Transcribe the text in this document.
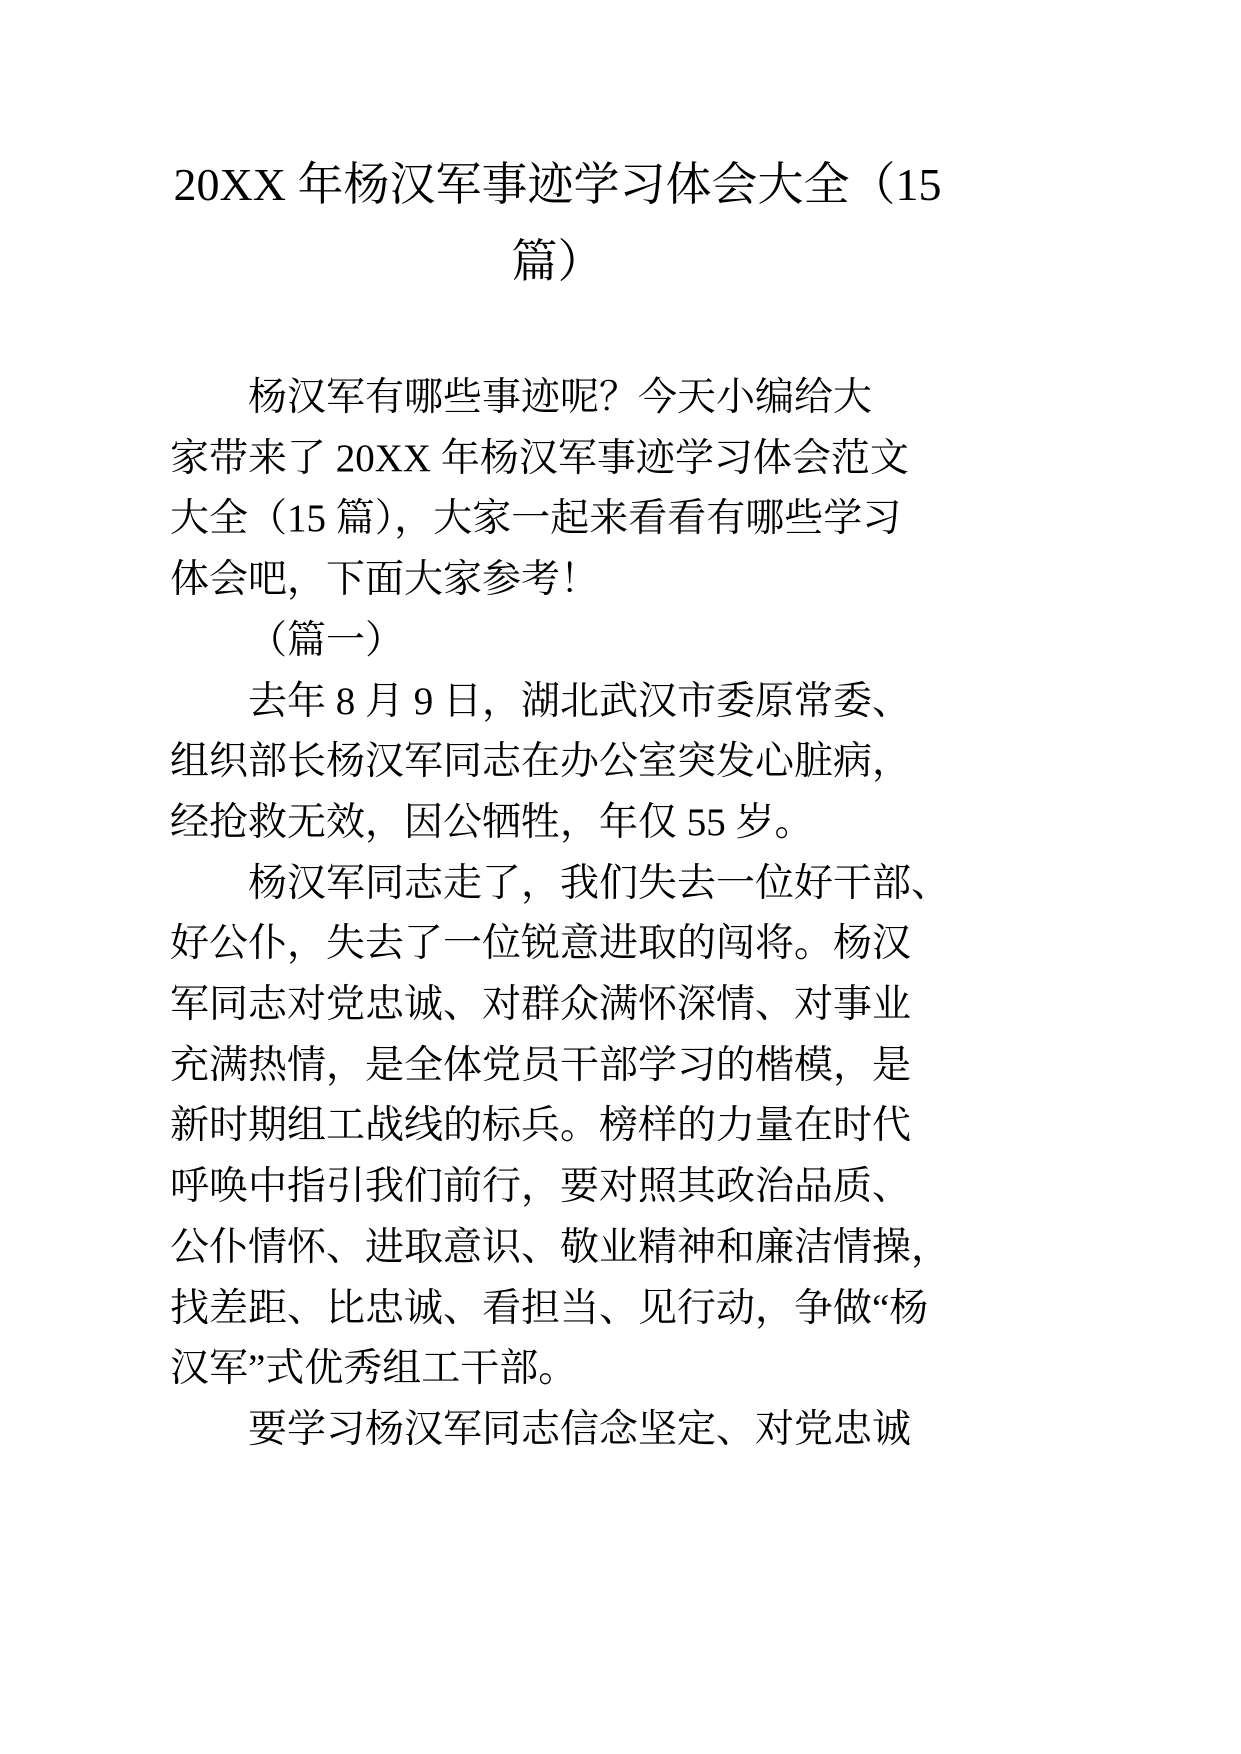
20XX 年杨汉军事迹学习体会大全（15
篇）

杨汉军有哪些事迹呢？今天小编给大
家带来了 20XX 年杨汉军事迹学习体会范文
大全（15 篇），大家一起来看看有哪些学习
体会吧，下面大家参考！

（篇一）

去年 8 月 9 日，湖北武汉市委原常委、
组织部长杨汉军同志在办公室突发心脏病，
经抢救无效，因公牺牲，年仅 55 岁。

杨汉军同志走了，我们失去一位好干部、
好公仆，失去了一位锐意进取的闯将。杨汉
军同志对党忠诚、对群众满怀深情、对事业
充满热情，是全体党员干部学习的楷模，是
新时期组工战线的标兵。榜样的力量在时代
呼唤中指引我们前行，要对照其政治品质、
公仆情怀、进取意识、敬业精神和廉洁情操，
找差距、比忠诚、看担当、见行动，争做“杨
汉军”式优秀组工干部。

要学习杨汉军同志信念坚定、对党忠诚
